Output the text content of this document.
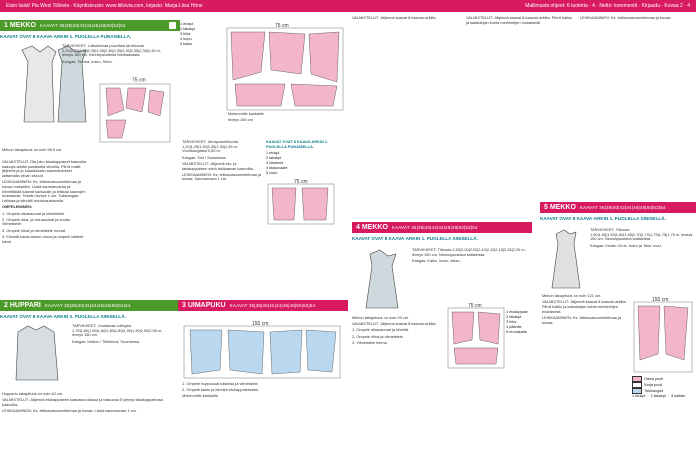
Etsin lisää! Pia Wesi Tiiliovia · Käyntisivusto: www.tiiliovia.com, kirjasto: Marja-Liisa Höne	Mallimusta ohjeet: 6 tuotetta · 4 · Netto: kommentit · Kirjaudu · Kuvaa 2 · 4
1 MEKKO KAAVAT 36|38|40|42|44|46|48|50|52|54
KAAVAT OVAT 8 KAAVA-ARKIN 1. PUOLELLA PUNAISELLA.

TARVIKKEET: Lotkokiovaa puuvillaa tai trikoota 2,20|2,25|2,25|2,35|2,35|2,35|2,35|2,35|2,35|2,35|2,40 m, leveys 150 cm. Kiinnitystuhtelia liimikaavasta.

Kangas: Tirema, koivu, Sees.

75 cm

Mekon takapituus on noin 98,5 cm.

VALMISTELUT: Ota joko takakappaleet kaavoilla kaavoja arkilla punaisella viivoilla. Piirrä mallit, jäljennä ja jo kaavaosaan saumatulokset laittamalla viivan sivuun.

LEIKKAAMINEN: Ks. leikkaussuunnitelmaa ja kuvaa mukaillen. Lisää saumanvaraa ja kiinnittäkää kaavat kankaalle ja leikkaa kaavojen mukaisesti. Tekstin leveys 1 cm. Tukikangas: Leikkaa ja kiinnitä muokkaustavalla.

OMPELEMINEN:

1. Ompele olkasaumat ja viimeistele.

2. Ompele olka- ja sivusaumat ja sovita. Viimeistele.

3. Ompele hihat ja viimeistele reunat.

4. Kiinnitä kaula-aukon reuna ja ompele taitteet kiinni.

1 etukpl
2 takakpl
3 hiha
4 hupu
5 tasku
75 cm

Molemmille kankaille

leveys 150 cm

2 HUPPARI KAAVAT 36|38|40|42|44|46|48|50|52|54
KAAVAT OVAT 8 KAAVA-ARKIN 2. PUOLELLA SINISELLÄ.

TARVIKKEET: Joustavaa collegea 1,75|1,80|1,80|1,80|1,80|1,80|1,90|1,90|2,00|2,05 m, leveys 150 cm.

Kangas: Mallon / Tiirikkova, Suomessa.

Hupparin takapituus on noin 62 cm.

VALMISTELUT: Jäljennä etukappaleen kaavasta alaosa ja taskuosa 5 ylempi takakappaleosa kaavoilla.

LEIKKAAMINEN: Ks. leikkaussuunnitelmaa ja kuvaa. Lisää saumanvara 1 cm.

150 cm

1. Ompele huppuosat toisiinsa ja viimeistele.

2. Ompele tasku ja kiinnitä etukappaleeseen.

Molemmille kankaille

3 UIMAPUKU KAAVAT 36|38|40|42|44|46|48|50|52|54

TARVIKKEET: Uimapukutrikoota 1,20|1,25|1,30|1,35|1,40|1,45 m. Vuorikangasta 0,50 m.

Kangas: Sini / Suomessa.

VALMISTELUT: Jäljennä etu- ja takakappaleen sekä tukikaavan kaavoilta.

LEIKKAAMINEN: Ks. leikkaussuunnitelmaa ja kuvaa. Saumanvara 1 cm.

KAAVAT OVAT 8 KAAVA-ARKIN 1. PUOLELLA PUNAISELLA.

1 etukpl
2 takakpl
3 olkaimet
4 taskuvaate
5 vuori
75 cm
4 MEKKO KAAVAT 36|38|40|42|44|46|48|50|52|54
KAAVAT OVAT 8 KAAVA-ARKIN 1. PUOLELLA SINISELLÄ.

TARVIKKEET: Trikoota 2,00|2,00|2,00|2,10|2,10|2,15|2,15|2,20 m, leveys 150 cm. Neulosjoustava kaitaleista.

Kangas: Kaiko, kuvio, lakso.

Mekon takapituus on noin 93 cm.

VALMISTELUT: Jäljennä kaavat 8 kaavan-arkilla.

1. Ompele olkasaumat ja kiinnitä.

2. Ompele hihat ja viimeistele.

3. Viimeistele helma.

75 cm
1 etukappale
2 takakpl
3 hiha
4 pääntie
5 reunakaita
5 MEKKO KAAVAT 36|38|40|42|44|46|48|50|52|54
KAAVAT OVAT 8 KAAVA-ARKIN 1. PUOLELLA SINISELLÄ.

TARVIKKEET: Trikoota 1,50|1,50|1,50|1,60|1,65|1,70|1,70|1,75|1,75|1,75 m, leveys 150 cm. Neulosjoustava kaitaleista.

Kangas: Kesän Cirus, koivu ja 'Muu' muu.

Mekon takapituus on noin 121 cm.

VALMISTELUT: Jäljennä kaavat 8 kaavan-arkilta. Piirrä halkio ja kaitalahjan kohta merkintöjen mukaisesti.

LEIKKAAMINEN: Ks. leikkaussuunnitelmaa ja kuvaa.

150 cm
Oikea puoli
Nurja puoli
Tukikangas
1 etukpl · 2 takakpl · 3 kaitale

VALMISTELUT: Jäljennä kaavat 8 kaavan-arkilla.	VALMISTELUT: Jäljennä kaavat 8 kaavan-arkilta. Piirrä halkio ja kaitalahjan kohta merkintöjen mukaisesti.

LEIKKAAMINEN: Ks. leikkaussuunnitelmaa ja kuvaa.
